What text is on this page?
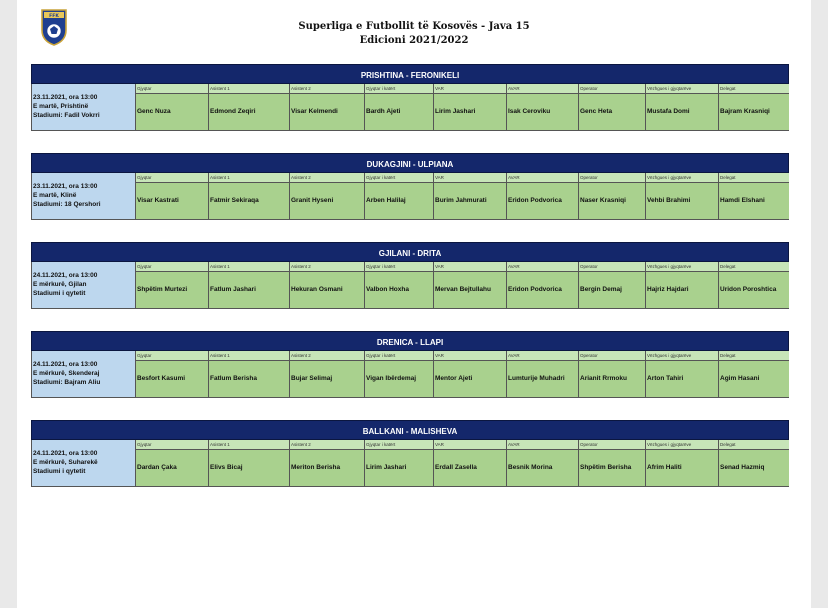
FFK
Superliga e Futbollit të Kosovës - Java 15
Edicioni 2021/2022
PRISHTINA - FERONIKELI
23.11.2021, ora 13:00
E martë, Prishtinë
Stadiumi: Fadil Vokrri
Gjyqtar
Genc Nuza
Asistent 1
Edmond Zeqiri
Asistent 2
Visar Kelmendi
Gjyqtar i katërt
Bardh Ajeti
VAR
Lirim Jashari
AVAR
Isak Ceroviku
Operator
Genc Heta
Vëzhgues i gjyqtarëve
Mustafa Domi
Delegat
Bajram Krasniqi
DUKAGJINI - ULPIANA
23.11.2021, ora 13:00
E martë, Klinë
Stadiumi: 18 Qershori
Gjyqtar
Visar Kastrati
Asistent 1
Fatmir Sekiraqa
Asistent 2
Granit Hyseni
Gjyqtar i katërt
Arben Halilaj
VAR
Burim Jahmurati
AVAR
Eridon Podvorica
Operator
Naser Krasniqi
Vëzhgues i gjyqtarëve
Vehbi Brahimi
Delegat
Hamdi Elshani
GJILANI - DRITA
24.11.2021, ora 13:00
E mërkurë, Gjilan
Stadiumi i qytetit
Gjyqtar
Shpëtim Murtezi
Asistent 1
Fatlum Jashari
Asistent 2
Hekuran Osmani
Gjyqtar i katërt
Valbon Hoxha
VAR
Mervan Bejtullahu
AVAR
Eridon Podvorica
Operator
Bergin Demaj
Vëzhgues i gjyqtarëve
Hajriz Hajdari
Delegat
Uridon Poroshtica
DRENICA - LLAPI
24.11.2021, ora 13:00
E mërkurë, Skenderaj
Stadiumi: Bajram Aliu
Gjyqtar
Besfort Kasumi
Asistent 1
Fatlum Berisha
Asistent 2
Bujar Selimaj
Gjyqtar i katërt
Vigan Ibërdemaj
VAR
Mentor Ajeti
AVAR
Lumturije Muhadri
Operator
Arianit Rrmoku
Vëzhgues i gjyqtarëve
Arton Tahiri
Delegat
Agim Hasani
BALLKANI - MALISHEVA
24.11.2021, ora 13:00
E mërkurë, Suharekë
Stadiumi i qytetit
Gjyqtar
Dardan Çaka
Asistent 1
Elivs Bicaj
Asistent 2
Meriton Berisha
Gjyqtar i katërt
Lirim Jashari
VAR
Erdall Zasella
AVAR
Besnik Morina
Operator
Shpëtim Berisha
Vëzhgues i gjyqtarëve
Afrim Haliti
Delegat
Senad Hazmiq
